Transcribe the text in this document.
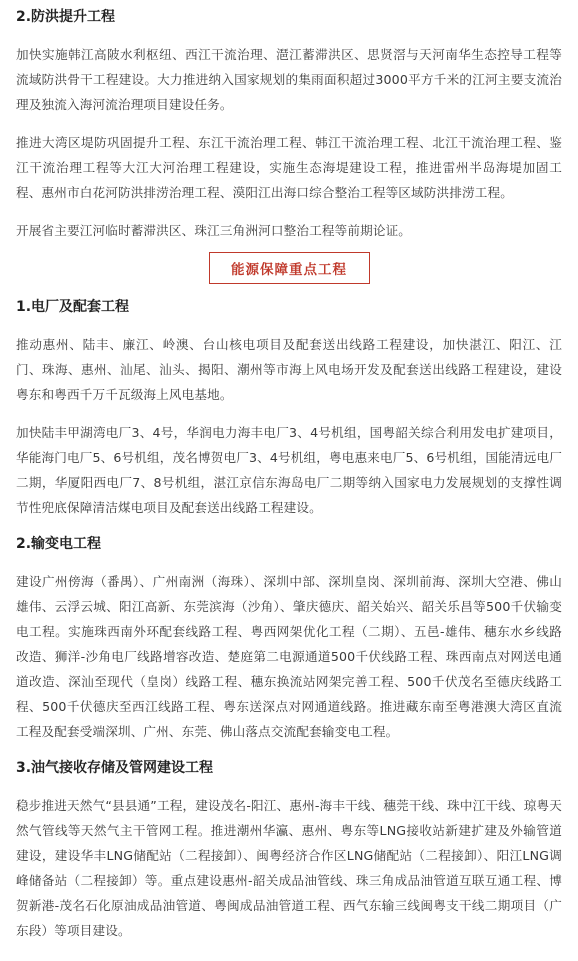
2.防洪提升工程

加快实施韩江高陂水利枢纽、西江干流治理、潖江蓄滞洪区、思贤滘与天河南华生态控导工程等流域防洪骨干工程建设。大力推进纳入国家规划的集雨面积超过3000平方千米的江河主要支流治理及独流入海河流治理项目建设任务。

推进大湾区堤防巩固提升工程、东江干流治理工程、韩江干流治理工程、北江干流治理工程、鉴江干流治理工程等大江大河治理工程建设，实施生态海堤建设工程，推进雷州半岛海堤加固工程、惠州市白花河防洪排涝治理工程、漠阳江出海口综合整治工程等区域防洪排涝工程。

开展省主要江河临时蓄滞洪区、珠江三角洲河口整治工程等前期论证。

能源保障重点工程
1.电厂及配套工程

推动惠州、陆丰、廉江、岭澳、台山核电项目及配套送出线路工程建设，加快湛江、阳江、江门、珠海、惠州、汕尾、汕头、揭阳、潮州等市海上风电场开发及配套送出线路工程建设，建设粤东和粤西千万千瓦级海上风电基地。

加快陆丰甲湖湾电厂3、4号，华润电力海丰电厂3、4号机组，国粤韶关综合利用发电扩建项目，华能海门电厂5、6号机组，茂名博贺电厂3、4号机组，粤电惠来电厂5、6号机组，国能清远电厂二期，华厦阳西电厂7、8号机组，湛江京信东海岛电厂二期等纳入国家电力发展规划的支撑性调节性兜底保障清洁煤电项目及配套送出线路工程建设。

2.输变电工程

建设广州傍海（番禺）、广州南洲（海珠）、深圳中部、深圳皇岗、深圳前海、深圳大空港、佛山雄伟、云浮云城、阳江高新、东莞滨海（沙角）、肇庆德庆、韶关始兴、韶关乐昌等500千伏输变电工程。实施珠西南外环配套线路工程、粤西网架优化工程（二期）、五邑-雄伟、穗东水乡线路改造、狮洋-沙角电厂线路增容改造、楚庭第二电源通道500千伏线路工程、珠西南点对网送电通道改造、深汕至现代（皇岗）线路工程、穗东换流站网架完善工程、500千伏茂名至德庆线路工程、500千伏德庆至西江线路工程、粤东送深点对网通道线路。推进藏东南至粤港澳大湾区直流工程及配套受端深圳、广州、东莞、佛山落点交流配套输变电工程。

3.油气接收存储及管网建设工程

稳步推进天然气“县县通”工程，建设茂名-阳江、惠州-海丰干线、穗莞干线、珠中江干线、琼粤天然气管线等天然气主干管网工程。推进潮州华瀛、惠州、粤东等LNG接收站新建扩建及外输管道建设，建设华丰LNG储配站（二程接卸）、闽粤经济合作区LNG储配站（二程接卸）、阳江LNG调峰储备站（二程接卸）等。重点建设惠州-韶关成品油管线、珠三角成品油管道互联互通工程、博贺新港-茂名石化原油成品油管道、粤闽成品油管道工程、西气东输三线闽粤支干线二期项目（广东段）等项目建设。
